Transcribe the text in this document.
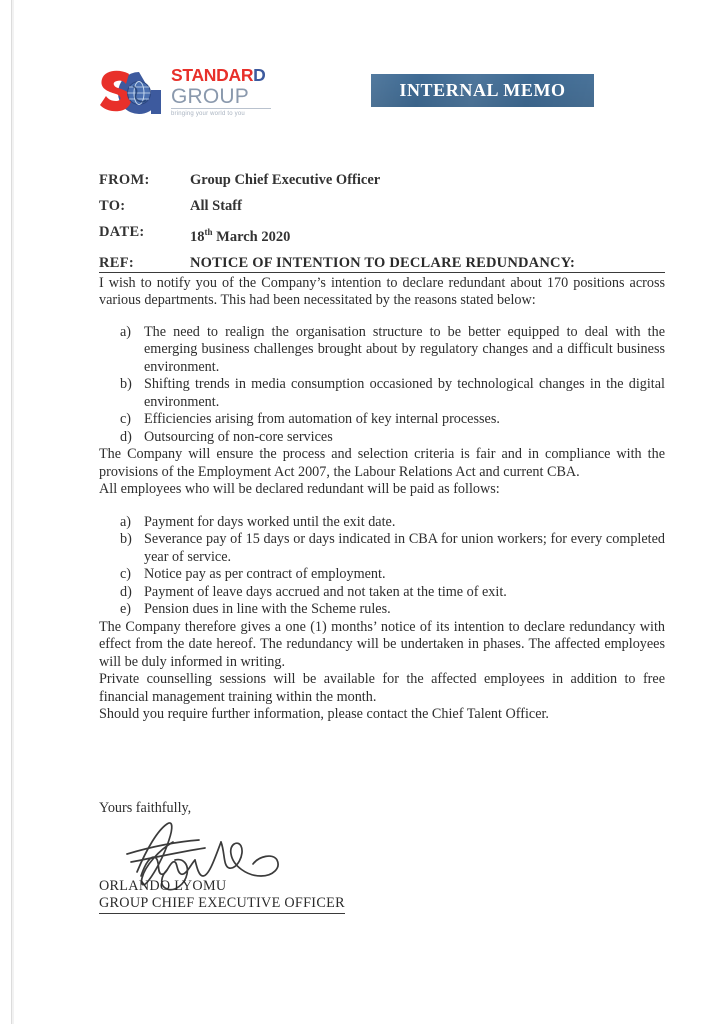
STANDARD
GROUP
bringing your world to you
INTERNAL MEMO
FROM:	Group Chief Executive Officer
TO:	All Staff
DATE:	18th March 2020

REF:	NOTICE OF INTENTION TO DECLARE REDUNDANCY:

I wish to notify you of the Company’s intention to declare redundant about 170 positions across various departments. This had been necessitated by the reasons stated below:

a) The need to realign the organisation structure to be better equipped to deal with the emerging business challenges brought about by regulatory changes and a difficult business environment.
b) Shifting trends in media consumption occasioned by technological changes in the digital environment.
c) Efficiencies arising from automation of key internal processes.
d) Outsourcing of non-core services

The Company will ensure the process and selection criteria is fair and in compliance with the provisions of the Employment Act 2007, the Labour Relations Act and current CBA.

All employees who will be declared redundant will be paid as follows:

a) Payment for days worked until the exit date.
b) Severance pay of 15 days or days indicated in CBA for union workers; for every completed year of service.
c) Notice pay as per contract of employment.
d) Payment of leave days accrued and not taken at the time of exit.
e) Pension dues in line with the Scheme rules.

The Company therefore gives a one (1) months’ notice of its intention to declare redundancy with effect from the date hereof. The redundancy will be undertaken in phases. The affected employees will be duly informed in writing.

Private counselling sessions will be available for the affected employees in addition to free financial management training within the month.

Should you require further information, please contact the Chief Talent Officer.

Yours faithfully,

ORLANDO LYOMU
GROUP CHIEF EXECUTIVE OFFICER
